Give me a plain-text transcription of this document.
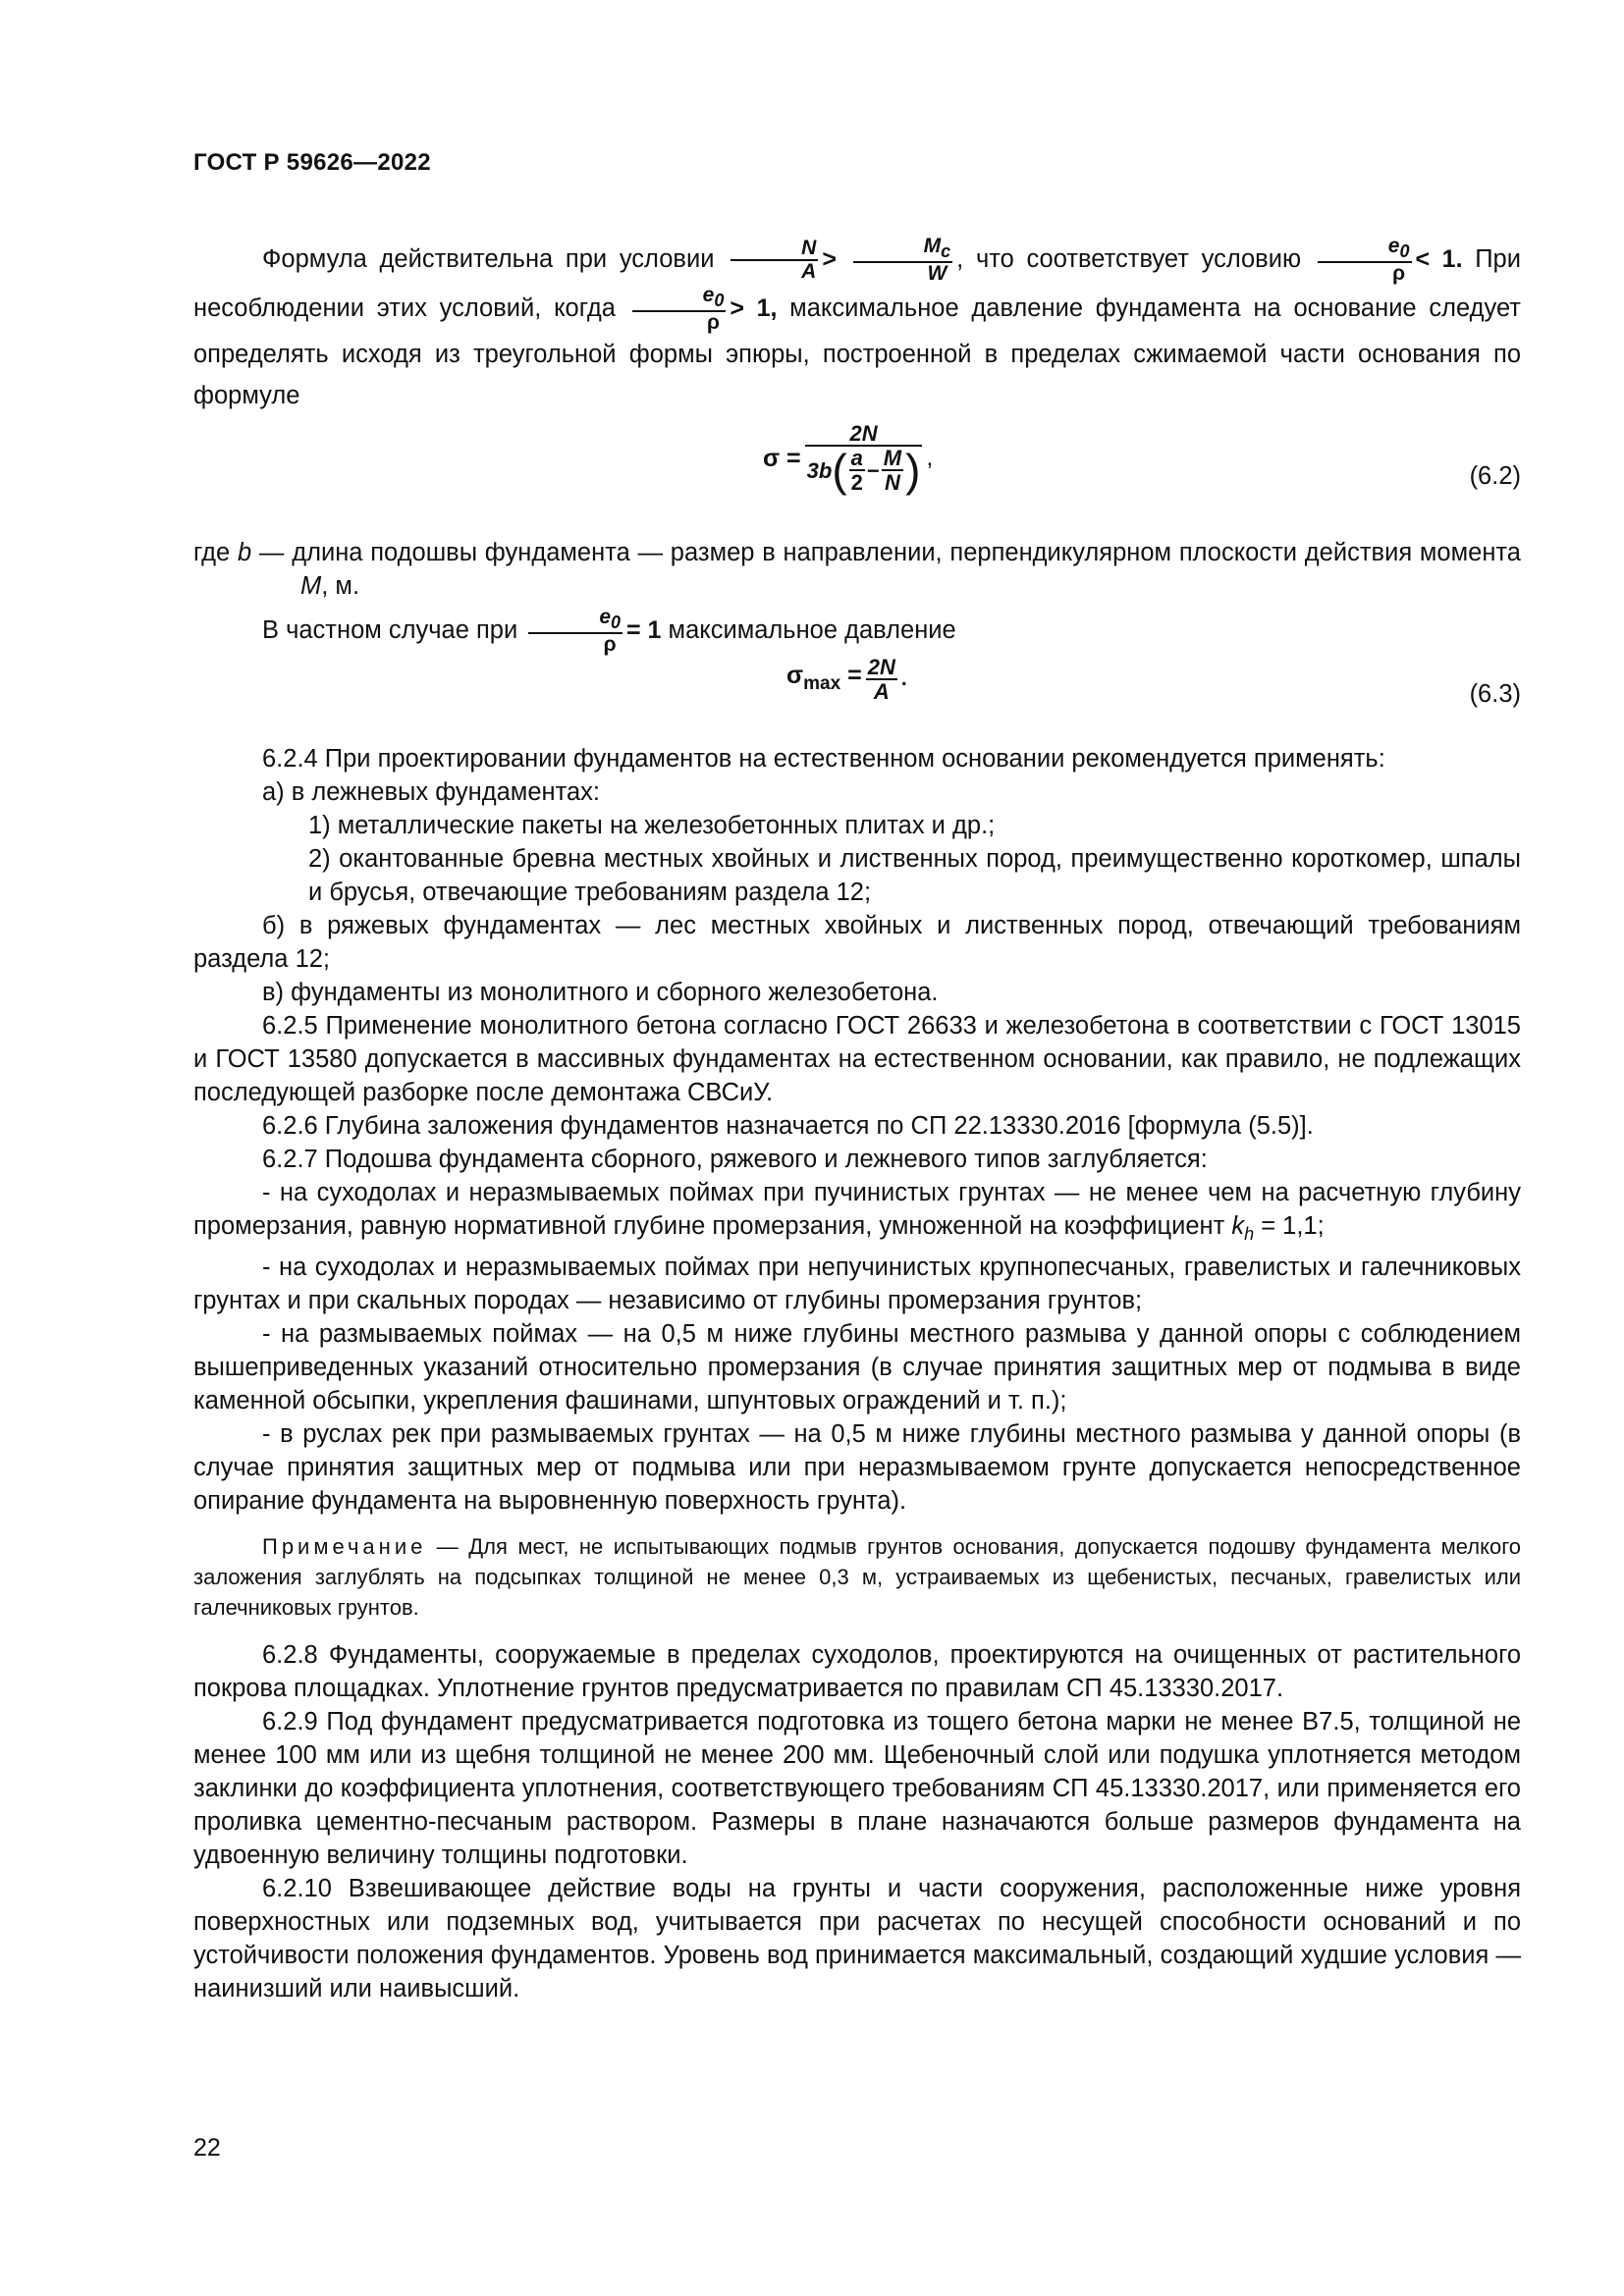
ГОСТ Р 59626—2022

Формула действительна при условии $\frac{N}{A} > \frac{M_c}{W}$ , что соответствует условию $\frac{e_0}{\rho} < 1$. При несоблюдении этих условий, когда $\frac{e_0}{\rho} > 1$, максимальное давление фундамента на основание следует определять исходя из треугольной формы эпюры, построенной в пределах сжимаемой части основания по формуле

σ =
2N
3b ( a
2
− $\frac{M}{N}$ ) ,
(6.2)

где b — длина подошвы фундамента — размер в направлении, перпендикулярном плоскости действия момента M, м.

В частном случае при $\frac{e_0}{\rho} = 1$ максимальное давление

$\sigma_{max} = \frac{2N}{A}$ .
(6.3)

6.2.4 При проектировании фундаментов на естественном основании рекомендуется применять:

а) в лежневых фундаментах:

1) металлические пакеты на железобетонных плитах и др.;

2) окантованные бревна местных хвойных и лиственных пород, преимущественно короткомер, шпалы и брусья, отвечающие требованиям раздела 12;

б) в ряжевых фундаментах — лес местных хвойных и лиственных пород, отвечающий требованиям раздела 12;

в) фундаменты из монолитного и сборного железобетона.

6.2.5 Применение монолитного бетона согласно ГОСТ 26633 и железобетона в соответствии с ГОСТ 13015 и ГОСТ 13580 допускается в массивных фундаментах на естественном основании, как правило, не подлежащих последующей разборке после демонтажа СВСиУ.

6.2.6 Глубина заложения фундаментов назначается по СП 22.13330.2016 [формула (5.5)].

6.2.7 Подошва фундамента сборного, ряжевого и лежневого типов заглубляется:

- на суходолах и неразмываемых поймах при пучинистых грунтах — не менее чем на расчетную глубину промерзания, равную нормативной глубине промерзания, умноженной на коэффициент $k_h = 1,1$;

- на суходолах и неразмываемых поймах при непучинистых крупнопесчаных, гравелистых и галечниковых грунтах и при скальных породах — независимо от глубины промерзания грунтов;

- на размываемых поймах — на 0,5 м ниже глубины местного размыва у данной опоры с соблюдением вышеприведенных указаний относительно промерзания (в случае принятия защитных мер от подмыва в виде каменной обсыпки, укрепления фашинами, шпунтовых ограждений и т. п.);

- в руслах рек при размываемых грунтах — на 0,5 м ниже глубины местного размыва у данной опоры (в случае принятия защитных мер от подмыва или при неразмываемом грунте допускается непосредственное опирание фундамента на выровненную поверхность грунта).

Примечание — Для мест, не испытывающих подмыв грунтов основания, допускается подошву фундамента мелкого заложения заглублять на подсыпках толщиной не менее 0,3 м, устраиваемых из щебенистых, песчаных, гравелистых или галечниковых грунтов.

6.2.8 Фундаменты, сооружаемые в пределах суходолов, проектируются на очищенных от растительного покрова площадках. Уплотнение грунтов предусматривается по правилам СП 45.13330.2017.

6.2.9 Под фундамент предусматривается подготовка из тощего бетона марки не менее В7.5, толщиной не менее 100 мм или из щебня толщиной не менее 200 мм. Щебеночный слой или подушка уплотняется методом заклинки до коэффициента уплотнения, соответствующего требованиям СП 45.13330.2017, или применяется его проливка цементно-песчаным раствором. Размеры в плане назначаются больше размеров фундамента на удвоенную величину толщины подготовки.

6.2.10 Взвешивающее действие воды на грунты и части сооружения, расположенные ниже уровня поверхностных или подземных вод, учитывается при расчетах по несущей способности оснований и по устойчивости положения фундаментов. Уровень вод принимается максимальный, создающий худшие условия — наинизший или наивысший.

22
